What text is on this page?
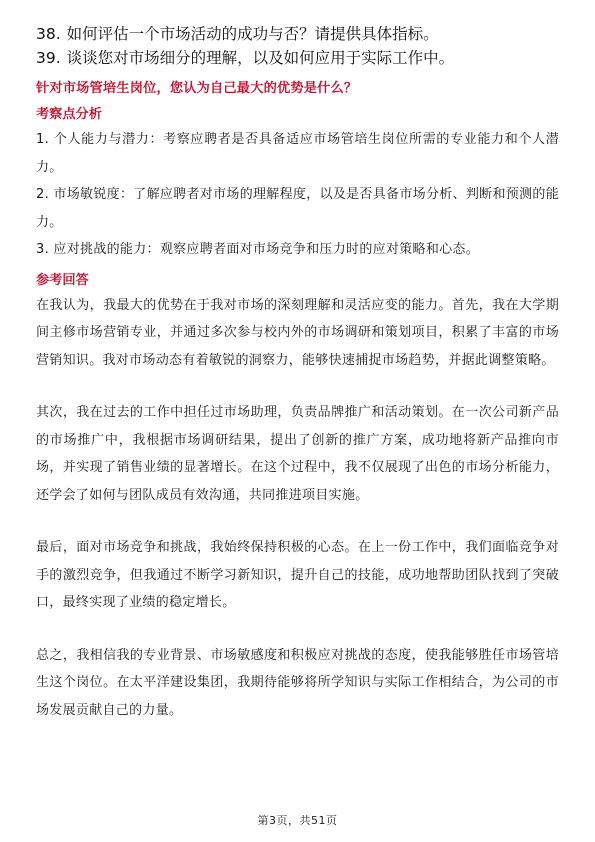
38. 如何评估一个市场活动的成功与否？请提供具体指标。
39. 谈谈您对市场细分的理解，以及如何应用于实际工作中。
针对市场管培生岗位，您认为自己最大的优势是什么？
考察点分析

1. 个人能力与潜力：考察应聘者是否具备适应市场管培生岗位所需的专业能力和个人潜力。

2. 市场敏锐度：了解应聘者对市场的理解程度，以及是否具备市场分析、判断和预测的能力。

3. 应对挑战的能力：观察应聘者面对市场竞争和压力时的应对策略和心态。

参考回答

在我认为，我最大的优势在于我对市场的深刻理解和灵活应变的能力。首先，我在大学期间主修市场营销专业，并通过多次参与校内外的市场调研和策划项目，积累了丰富的市场营销知识。我对市场动态有着敏锐的洞察力，能够快速捕捉市场趋势，并据此调整策略。

其次，我在过去的工作中担任过市场助理，负责品牌推广和活动策划。在一次公司新产品的市场推广中，我根据市场调研结果，提出了创新的推广方案，成功地将新产品推向市场，并实现了销售业绩的显著增长。在这个过程中，我不仅展现了出色的市场分析能力，还学会了如何与团队成员有效沟通，共同推进项目实施。

最后，面对市场竞争和挑战，我始终保持积极的心态。在上一份工作中，我们面临竞争对手的激烈竞争，但我通过不断学习新知识，提升自己的技能，成功地帮助团队找到了突破口，最终实现了业绩的稳定增长。

总之，我相信我的专业背景、市场敏感度和积极应对挑战的态度，使我能够胜任市场管培生这个岗位。在太平洋建设集团，我期待能够将所学知识与实际工作相结合，为公司的市场发展贡献自己的力量。

第3页，共51页
